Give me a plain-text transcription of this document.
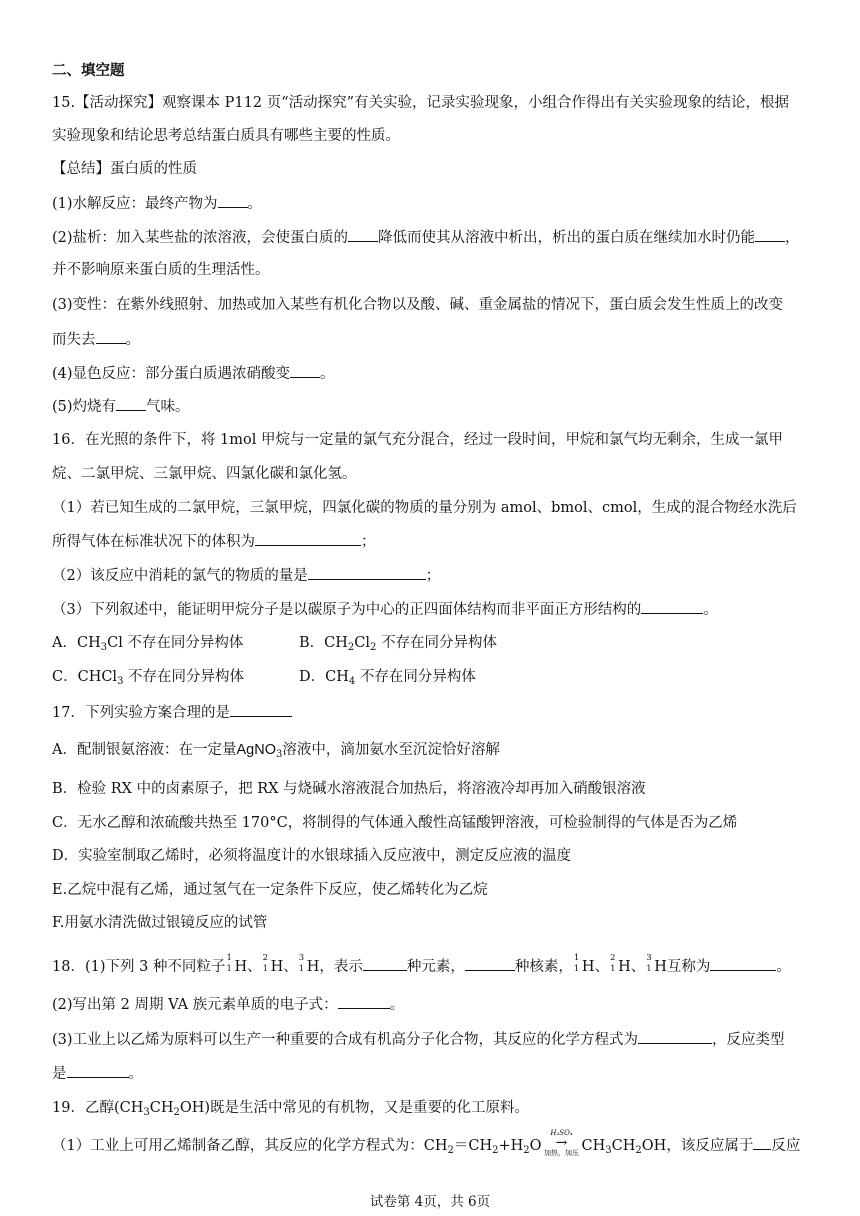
二、填空题
15.【活动探究】观察课本 P112 页“活动探究”有关实验，记录实验现象，小组合作得出有关实验现象的结论，根据
实验现象和结论思考总结蛋白质具有哪些主要的性质。
【总结】蛋白质的性质
(1)水解反应：最终产物为 。
(2)盐析：加入某些盐的浓溶液，会使蛋白质的 降低而使其从溶液中析出，析出的蛋白质在继续加水时仍能 ，
并不影响原来蛋白质的生理活性。
(3)变性：在紫外线照射、加热或加入某些有机化合物以及酸、碱、重金属盐的情况下，蛋白质会发生性质上的改变
而失去 。
(4)显色反应：部分蛋白质遇浓硝酸变 。
(5)灼烧有 气味。
16．在光照的条件下，将 1mol 甲烷与一定量的氯气充分混合，经过一段时间，甲烷和氯气均无剩余，生成一氯甲
烷、二氯甲烷、三氯甲烷、四氯化碳和氯化氢。
（1）若已知生成的二氯甲烷，三氯甲烷，四氯化碳的物质的量分别为 amol、bmol、cmol，生成的混合物经水洗后
所得气体在标准状况下的体积为	；
（2）该反应中消耗的氯气的物质的量是	；
（3）下列叙述中，能证明甲烷分子是以碳原子为中心的正四面体结构而非平面正方形结构的	。
A．$CH_3Cl$ 不存在同分异构体	B．$CH_2Cl_2$ 不存在同分异构体
C．CHCl$_3$ 不存在同分异构体	D．$CH_4$ 不存在同分异构体
17．下列实验方案合理的是
A．配制银氨溶液：在一定量AgNO$_3$溶液中，滴加氨水至沉淀恰好溶解
B．检验 RX 中的卤素原子，把 RX 与烧碱水溶液混合加热后，将溶液冷却再加入硝酸银溶液
C．无水乙醇和浓硫酸共热至 170°C，将制得的气体通入酸性高锰酸钾溶液，可检验制得的气体是否为乙烯
D．实验室制取乙烯时，必须将温度计的水银球插入反应液中，测定反应液的温度
E.乙烷中混有乙烯，通过氢气在一定条件下反应，使乙烯转化为乙烷
F.用氨水清洗做过银镜反应的试管
18．(1)下列 3 种不同粒子
1
1 H、
2
1 H、
3
1 H，表示	种元素，	种核素，
1
1 H、
2
1 H、
3
1 H互称为	。
(2)写出第 2 周期 VA 族元素单质的电子式：	。
(3)工业上以乙烯为原料可以生产一种重要的合成有机高分子化合物，其反应的化学方程式为	，反应类型
是	。
19．乙醇$(CH_3CH_2OH)$既是生活中常见的有机物，又是重要的化工原料。
（1）工业上可用乙烯制备乙醇，其反应的化学方程式为：$CH_2=CH_2+H_2O$
H₂SO₄
→
加热，加压 $CH_3CH_2OH$，该反应属于 反应
试卷第 4页，共 6页
